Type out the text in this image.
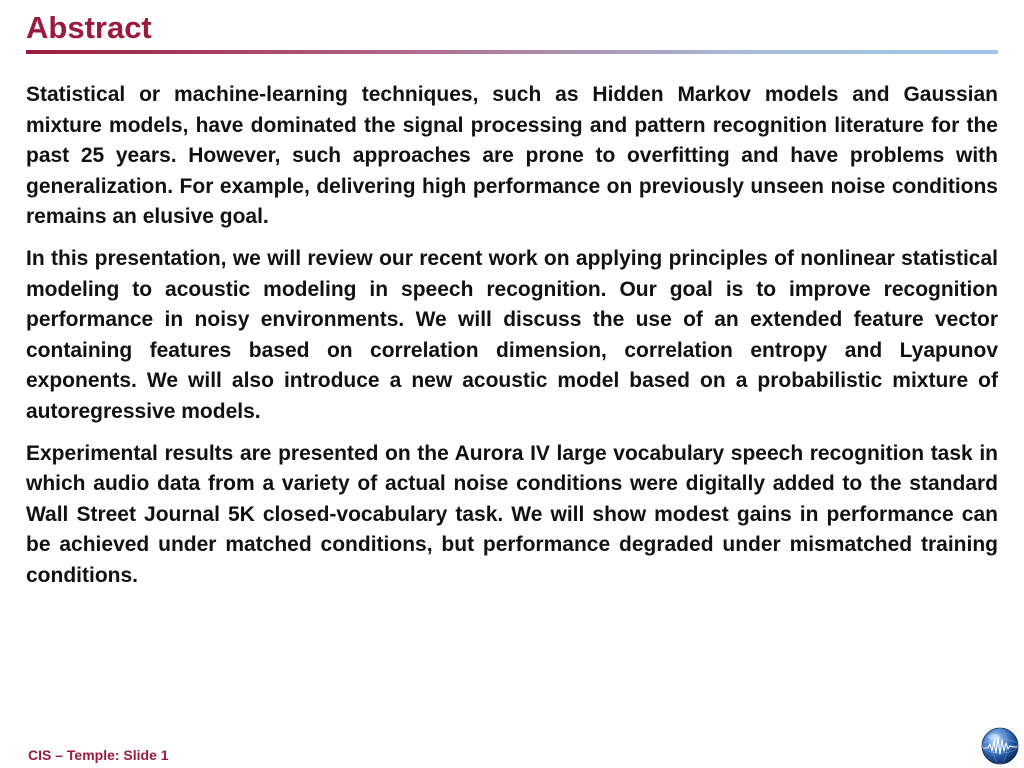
Abstract

Statistical or machine-learning techniques, such as Hidden Markov models and Gaussian mixture models, have dominated the signal processing and pattern recognition literature for the past 25 years. However, such approaches are prone to overfitting and have problems with generalization. For example, delivering high performance on previously unseen noise conditions remains an elusive goal.

In this presentation, we will review our recent work on applying principles of nonlinear statistical modeling to acoustic modeling in speech recognition. Our goal is to improve recognition performance in noisy environments. We will discuss the use of an extended feature vector containing features based on correlation dimension, correlation entropy and Lyapunov exponents. We will also introduce a new acoustic model based on a probabilistic mixture of autoregressive models.

Experimental results are presented on the Aurora IV large vocabulary speech recognition task in which audio data from a variety of actual noise conditions were digitally added to the standard Wall Street Journal 5K closed-vocabulary task. We will show modest gains in performance can be achieved under matched conditions, but performance degraded under mismatched training conditions.

CIS – Temple: Slide 1
